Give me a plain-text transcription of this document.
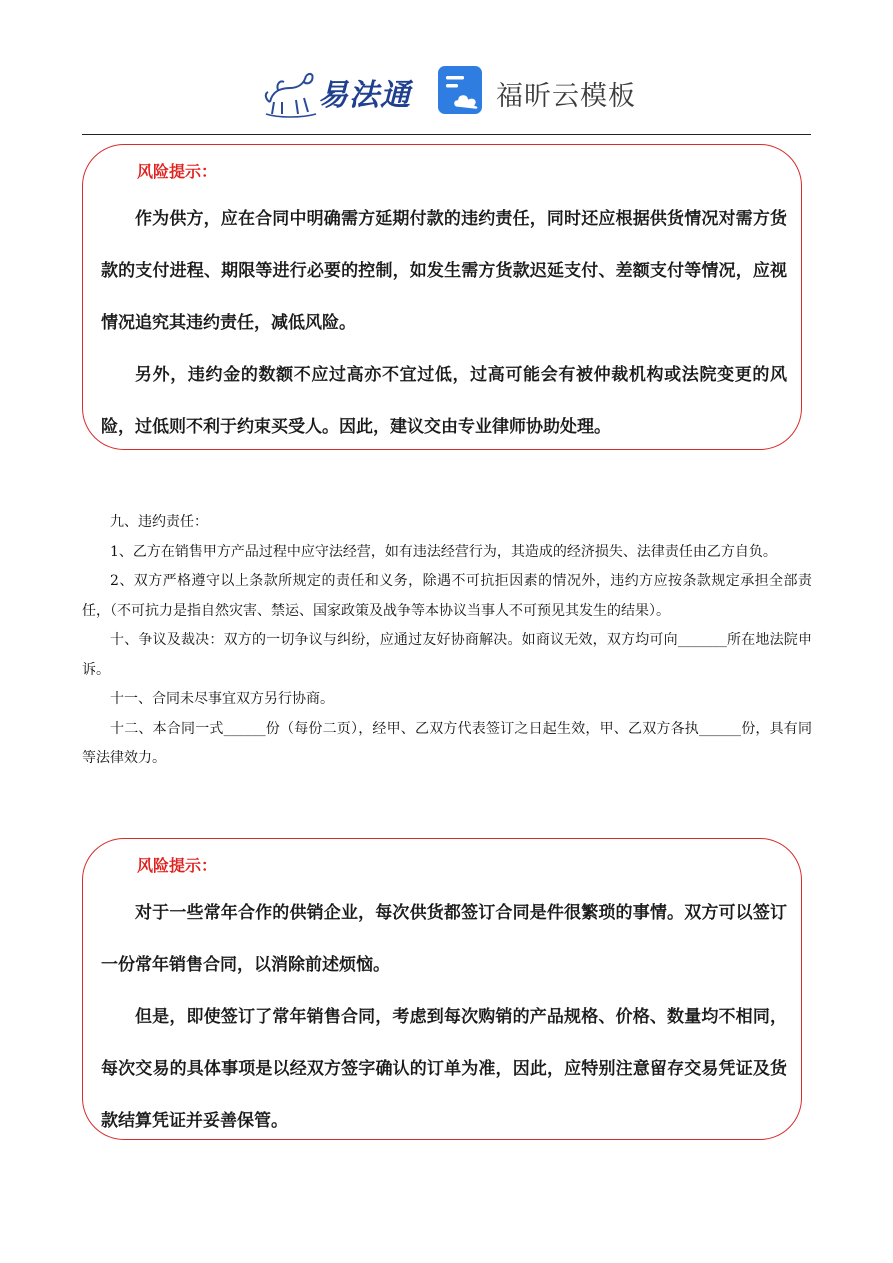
易法通	福昕云模板
风险提示：

作为供方，应在合同中明确需方延期付款的违约责任，同时还应根据供货情况对需方货款的支付进程、期限等进行必要的控制，如发生需方货款迟延支付、差额支付等情况，应视情况追究其违约责任，减低风险。

另外，违约金的数额不应过高亦不宜过低，过高可能会有被仲裁机构或法院变更的风险，过低则不利于约束买受人。因此，建议交由专业律师协助处理。

九、违约责任：

1、乙方在销售甲方产品过程中应守法经营，如有违法经营行为，其造成的经济损失、法律责任由乙方自负。

2、双方严格遵守以上条款所规定的责任和义务，除遇不可抗拒因素的情况外，违约方应按条款规定承担全部责任，（不可抗力是指自然灾害、禁运、国家政策及战争等本协议当事人不可预见其发生的结果）。

十、争议及裁决：双方的一切争议与纠纷，应通过友好协商解决。如商议无效，双方均可向_______所在地法院申诉。

十一、合同未尽事宜双方另行协商。

十二、本合同一式______份（每份二页），经甲、乙双方代表签订之日起生效，甲、乙双方各执______份，具有同等法律效力。

风险提示：

对于一些常年合作的供销企业，每次供货都签订合同是件很繁琐的事情。双方可以签订一份常年销售合同，以消除前述烦恼。

但是，即使签订了常年销售合同，考虑到每次购销的产品规格、价格、数量均不相同，每次交易的具体事项是以经双方签字确认的订单为准，因此，应特别注意留存交易凭证及货款结算凭证并妥善保管。
